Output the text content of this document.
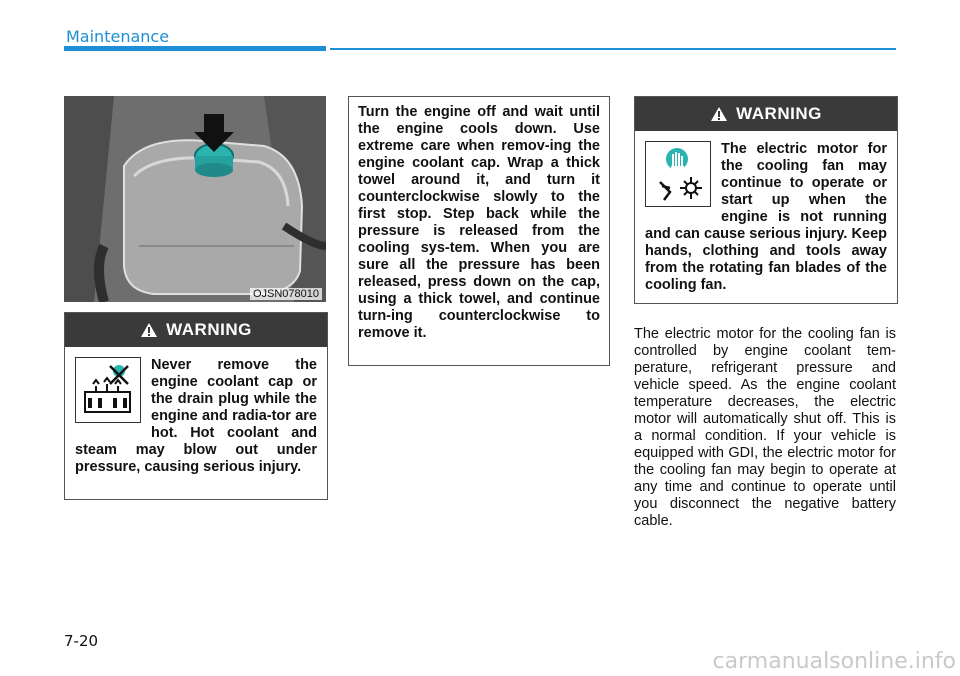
Maintenance
OJSN078010
WARNING
Never remove the engine coolant cap or the drain plug while the engine and radia-tor are hot. Hot coolant and steam may blow out under pressure, causing serious injury.
Turn the engine off and wait until the engine cools down. Use extreme care when remov-ing the engine coolant cap. Wrap a thick towel around it, and turn it counterclockwise slowly to the first stop. Step back while the pressure is released from the cooling sys-tem. When you are sure all the pressure has been released, press down on the cap, using a thick towel, and continue turn-ing counterclockwise to remove it.
WARNING
The electric motor for the cooling fan may continue to operate or start up when the engine is not running and can cause serious injury. Keep hands, clothing and tools away from the rotating fan blades of the cooling fan.
The electric motor for the cooling fan is controlled by engine coolant tem-perature, refrigerant pressure and vehicle speed. As the engine coolant temperature decreases, the electric motor will automatically shut off. This is a normal condition. If your vehicle is equipped with GDI, the electric motor for the cooling fan may begin to operate at any time and continue to operate until you disconnect the negative battery cable.
7-20
carmanualsonline.info
